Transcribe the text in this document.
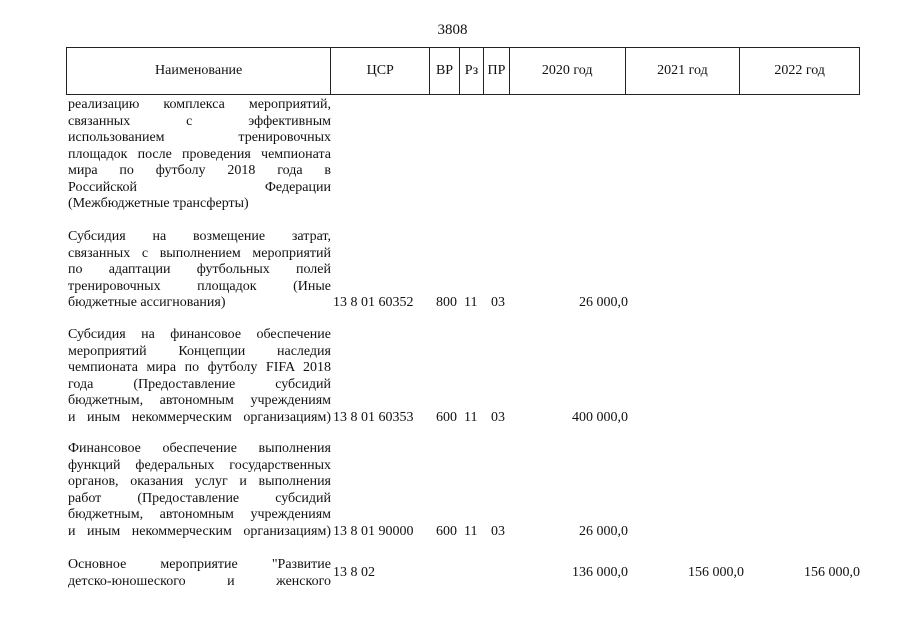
3808
Наименование	ЦСР	ВР Рз ПР	2020 год	2021 год	2022 год
реализацию комплекса мероприятий,
связанных с эффективным
использованием тренировочных
площадок после проведения чемпионата
мира по футболу 2018 года в
Российской Федерации
(Межбюджетные трансферты)
Субсидия на возмещение затрат,
связанных с выполнением мероприятий
по адаптации футбольных полей
тренировочных площадок (Иные
бюджетные ассигнования)	13 8 01 60352 800 11 03	26 000,0
Субсидия на финансовое обеспечение
мероприятий Концепции наследия
чемпионата мира по футболу FIFA 2018
года (Предоставление субсидий
бюджетным, автономным учреждениям
и иным некоммерческим организациям) 13 8 01 60353 600 11 03	400 000,0
Финансовое обеспечение выполнения
функций федеральных государственных
органов, оказания услуг и выполнения
работ (Предоставление субсидий
бюджетным, автономным учреждениям
и иным некоммерческим организациям) 13 8 01 90000 600 11 03	26 000,0
Основное мероприятие "Развитие
детско-юношеского и женского
13 8 02	136 000,0	156 000,0	156 000,0
